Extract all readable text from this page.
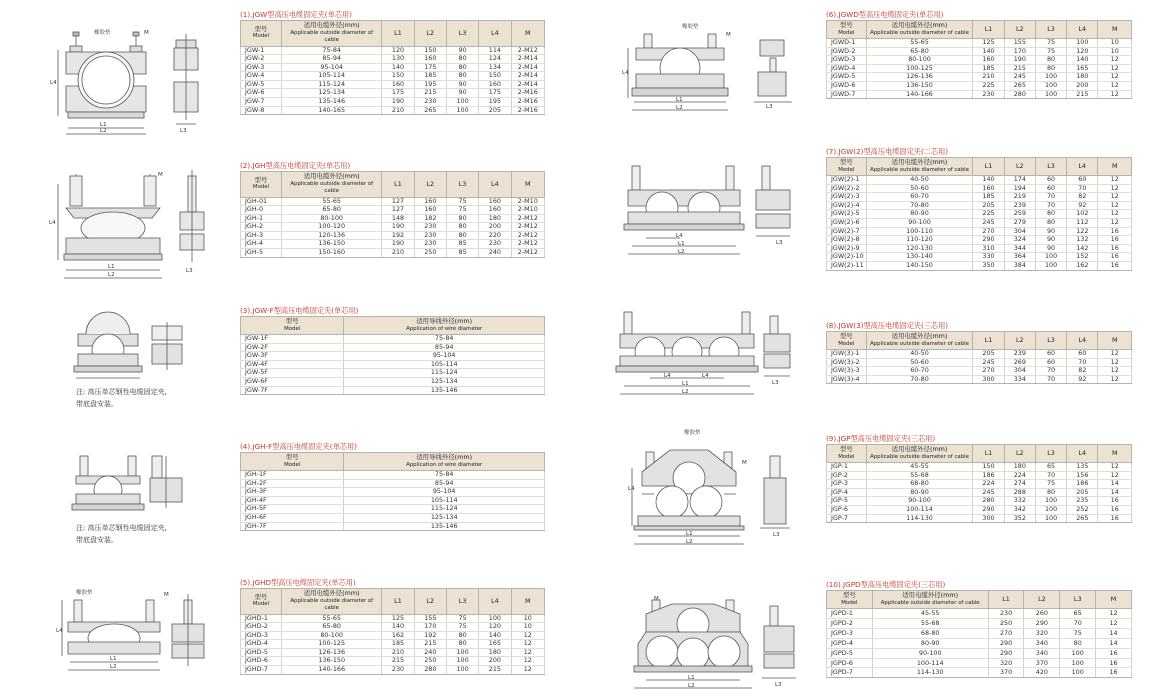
(1).JGW型高压电缆固定夹(单芯用)
型号
Model	适用电缆外径(mm)
Applicable outside diameter of cable	L1	L2	L3	L4	M

JGW-1	75-84	120	150	90	114	2-M12
JGW-2	85-94	130	160	80	124	2-M14
JGW-3	95-104	140	175	80	134	2-M14
JGW-4	105-114	150	185	80	150	2-M14
JGW-5	115-124	160	195	90	160	2-M14
JGW-6	125-134	175	215	90	175	2-M16
JGW-7	135-146	190	230	100	195	2-M16
JGW-8	140-165	210	265	100	205	2-M16
(2).JGH型高压电缆固定夹(单芯用)
型号
Model	适用电缆外径(mm)
Applicable outside diameter of cable	L1	L2	L3	L4	M

JGH-01	55-65	127	160	75	160	2-M10
JGH-0	65-80	127	160	75	160	2-M10
JGH-1	80-100	148	182	80	180	2-M12
JGH-2	100-120	190	230	80	200	2-M12
JGH-3	120-136	192	230	80	220	2-M12
JGH-4	136-150	190	230	85	230	2-M12
JGH-5	150-160	210	250	85	240	2-M12
(3).JGW-F型高压电缆固定夹(单芯用)
型号
Model	适用导线外径(mm)
Application of wire diameter

JGW-1F	75-84
JGW-2F	85-94
JGW-3F	95-104
JGW-4F	105-114
JGW-5F	115-124
JGW-6F	125-134
JGW-7F	135-146
(4).JGH-F型高压电缆固定夹(单芯用)
型号
Model	适用导线外径(mm)
Application of wire diameter

JGH-1F	75-84
JGH-2F	85-94
JGH-3F	95-104
JGH-4F	105-114
JGH-5F	115-124
JGH-6F	125-134
JGH-7F	135-146
(5).JGHD型高压电缆固定夹(单芯用)
型号
Model	适用电缆外径(mm)
Applicable outside diameter of cable	L1	L2	L3	L4	M

JGHD-1	55-65	125	155	75	100	10
JGHD-2	65-80	140	170	75	120	10
JGHD-3	80-100	162	192	80	140	12
JGHD-4	100-125	185	215	80	165	12
JGHD-5	126-136	210	240	100	180	12
JGHD-6	136-150	215	250	100	200	12
JGHD-7	140-166	230	280	100	215	12
(6).JGWD型高压电缆固定夹(单芯用)
型号
Model	适用电缆外径(mm)
Applicable outside diameter of cable	L1	L2	L3	L4	M

JGWD-1	55-65	125	155	75	100	10
JGWD-2	65-80	140	170	75	120	10
JGWD-3	80-100	160	190	80	140	12
JGWD-4	100-125	185	215	80	165	12
JGWD-5	126-136	210	245	100	180	12
JGWD-6	136-150	225	265	100	200	12
JGWD-7	140-166	230	280	100	215	12
(7).JGW(2)型高压电缆固定夹(二芯用)
型号
Model	适用电缆外径(mm)
Applicable outside diameter of cable	L1	L2	L3	L4	M

JGW(2)-1	40-50	140	174	60	60	12
JGW(2)-2	50-60	160	194	60	70	12
JGW(2)-3	60-70	185	219	70	82	12
JGW(2)-4	70-80	205	239	70	92	12
JGW(2)-5	80-90	225	259	80	102	12
JGW(2)-6	90-100	245	279	80	112	12
JGW(2)-7	100-110	270	304	90	122	16
JGW(2)-8	110-120	290	324	90	132	16
JGW(2)-9	120-130	310	344	90	142	16
JGW(2)-10	130-140	330	364	100	152	16
JGW(2)-11	140-150	350	384	100	162	16
(8).JGW(3)型高压电缆固定夹(三芯用)
型号
Model	适用电缆外径(mm)
Applicable outside diameter of cable	L1	L2	L3	L4	M

JGW(3)-1	40-50	205	239	60	60	12
JGW(3)-2	50-60	245	269	60	70	12
JGW(3)-3	60-70	270	304	70	82	12
JGW(3)-4	70-80	300	334	70	92	12
(9).JGP型高压电缆固定夹(三芯用)
型号
Model	适用电缆外径(mm)
Applicable outside diameter of cable	L1	L2	L3	L4	M

JGP-1	45-55	150	180	65	135	12
JGP-2	55-68	186	224	70	156	12
JGP-3	68-80	224	274	75	186	14
JGP-4	80-90	245	288	80	205	14
JGP-5	90-100	280	332	100	235	16
JGP-6	100-114	290	342	100	252	16
JGP-7	114-130	300	352	100	265	16
(10).JGPD型高压电缆固定夹(三芯用)
型号
Model	适用电缆外径(mm)
Applicable outside diameter of cable	L1	L2	L3	M

JGPD-1	45-55	230	260	65	12
JGPD-2	55-68	250	290	70	12
JGPD-3	68-80	270	320	75	14
JGPD-4	80-90	290	340	80	14
JGPD-5	90-100	290	340	100	16
JGPD-6	100-114	320	370	100	16
JGPD-7	114-130	370	420	100	16
注: 高压单芯钢性电缆固定夹,
带底盘安装。
注: 高压单芯钢性电缆固定夹,
带底盘安装。
橡胶垫	M
L4
L1
L2	L3
M
L4
L1
L2
L3
橡胶垫	M
L4
L1
L2
橡胶垫
M
L4
L1
L2	L3
L4
L1
L2
L3
L4	L4
L1
L2
L3
橡胶垫
M
L4
L1
L2
L3
M
L1
L2	L3
